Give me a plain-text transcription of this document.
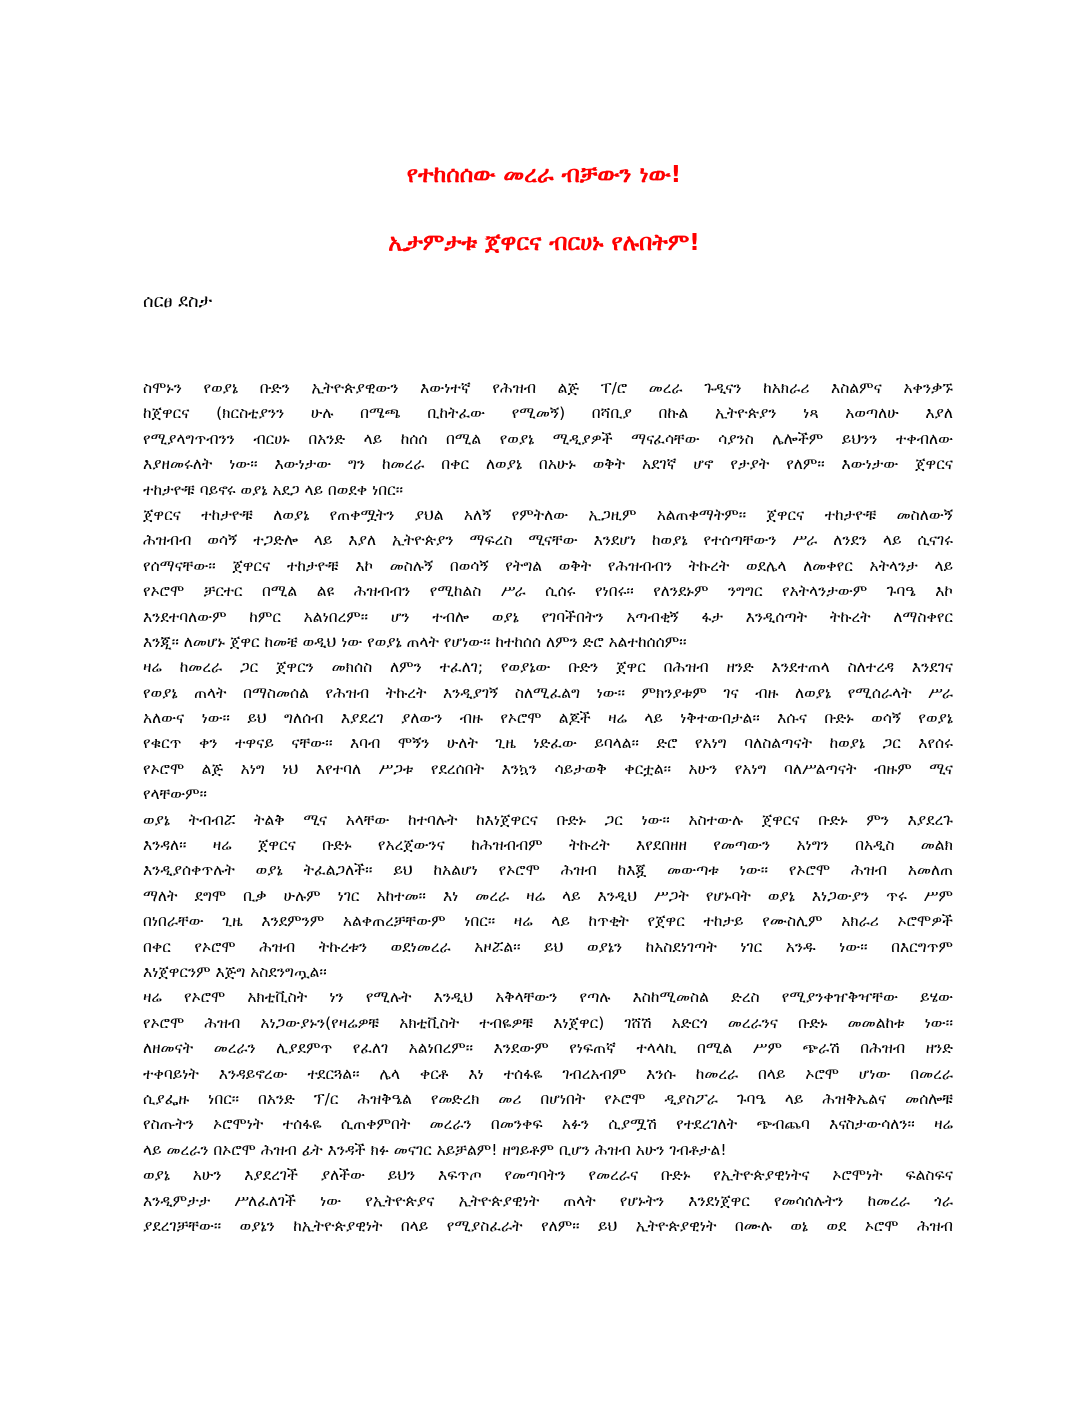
የተከሰሰው መረራ ብቻውን ነው!
ኢታምታቱ ጀዋርና ብርሀኑ የሉበትም!
ሰርፀ ደስታ
ስሞኑን የወያኔ ቡድን ኢትዮጵያዊውን እውነተኛ የሕዝብ ልጅ ፐ/ሮ መረራ ጉዲናን ከአክራሪ እስልምና አቀንቃኙ
ከጀዋርና (ክርስቲያንን ሁሉ በሜጫ ቢከትፈው የሚመኝ) በሻቢያ በኩል ኢትዮጵያን ነጻ አወጣለሁ እያለ
የሚያላግጥብንን ብርሀኑ በአንድ ላይ ከሰሰ በሚል የወያኔ ሚዲያዎች ማናፈሳቸው ሳያንስ ሌሎችም ይህንን ተቀብለው
እያዘመሩለት ነው፡፡ እውነታው ግን ከመረራ በቀር ለወያኔ በአሁኑ ወቅት አደገኛ ሆኖ የታያት የለም፡፡ እውነታው ጀዋርና
ተከታዮቹ ባይኖሩ ወያኔ አደጋ ላይ በወደቀ ነበር፡፡
ጀዋርና ተከታዮቹ ለወያኔ የጠቀሟትን ያህል አለኝ የምትለው ኢጋዚም አልጠቀማትም፡፡ ጀዋርና ተከታዮቹ መስለውኝ
ሕዝብብ ወሳኝ ተጋድሎ ላይ እያለ ኢትዮጵያን ማፍረስ ሚናቸው እንደሆነ ከወያኔ የተሰጣቸውን ሥራ ለንደን ላይ ሲናገሩ
የሰማናቸው፡፡ ጀዋርና ተከታዮቹ እኮ መስሉኝ በወሳኝ የትግል ወቅት የሕዝብብን ትኩረት ወደሌላ ለመቀየር አትላንታ ላይ
የኦሮሞ ቻርተር በሚል ልዩ ሕዝብብን የሚከልስ ሥራ ሲሰሩ የነበሩ፡፡ የለንደኑም ንግግር የአትላንታውም ጉባዔ እኮ
እንደተባለውም ከምር አልነበረም፡፡ ሆን ተብሎ ወያኔ የገባችበትን አጣብቂኝ ፋታ እንዲሰጣት ትኩረት ለማስቀየር
እንጂ፡፡ ለመሆኑ ጀዋር ከመቼ ወዲህ ነው የወያኔ ጠላት የሆነው፡፡ ከተከሰሰ ለምን ድሮ አልተከሰሰም፡፡
ዛሬ ከመረራ ጋር ጀዋርን መክሰስ ለምን ተፈለገ; የወያኔው ቡድን ጀዋር በሕዝብ ዘንድ እንደተጠላ ስለተረዳ እንደገና
የወያኔ ጠላት በማስመሰል የሕዝብ ትኩረት እንዲያገኝ ስለሚፈልግ ነው፡፡ ምክንያቱም ገና ብዙ ለወያኔ የሚሰራላት ሥራ
አለውና ነው፡፡ ይህ ግለሰብ እያደረገ ያለውን ብዙ የኦሮሞ ልጆች ዛሬ ላይ ነቅተውበታል፡፡ እሱና ቡድኑ ወሳኝ የወያኔ
የቁርጥ ቀን ተዋናይ ናቸው፡፡ እባብ ሞኝን ሁለት ጊዜ ነድፈው ይባላል፡፡ ድሮ የአነግ ባለስልጣናት ከወያኔ ጋር እየሰሩ
የኦሮሞ ልጅ አነግ ነህ እየተባለ ሥጋቱ የደረሰበት እንኳን ሳይታወቅ ቀርቷል፡፡ አሁን የአነግ ባለሥልጣናት ብዙም ሚና
የላቸውም፡፡
ወያኔ ትብብሯ ትልቅ ሚና አላቸው ከተባሉት ከእነጀዋርና ቡድኑ ጋር ነው፡፡ አስተውሉ ጀዋርና ቡድኑ ምን እያደረጉ
እንዳለ፡፡ ዛሬ ጀዋርና ቡድኑ የአረጀውንና ከሕዝብብም ትኩረት እየደበዘዘ የመጣውን አነግን በአዲስ መልክ
እንዲያሰቀጥሉት ወያኔ ትፈልጋለች፡፡ ይህ ከአልሆነ የኦሮሞ ሕዝብ ከእጇ መውጣቱ ነው፡፡ የኦሮሞ ሕዝብ አመለጠ
ማለት ደግሞ ቢቃ ሁሉም ነገር አከተመ፡፡ እነ መረራ ዛሬ ላይ እንዲህ ሥጋት የሆኑባት ወያኔ እነጋውያን ጥሩ ሥም
በነበራቸው ጊዜ እንደምንም አልቀጠረቻቸውም ነበር፡፡ ዛሬ ላይ ከጥቂት የጀዋር ተከታይ የሙስሊም አክራሪ ኦሮሞዎች
በቀር የኦሮሞ ሕዝብ ትኩረቱን ወደነመረራ አዞሯል፡፡ ይህ ወያኔን ከአስደነገጣት ነገር አንዱ ነው፡፡ በእርግጥም
እነጀዋርንም እጅግ አስደንግጧል፡፡
ዛሬ የኦሮሞ አክቲቪስት ነን የሚሉት እንዲህ አቅላቸውን የጣሉ እስከሚመስል ድረስ የሚያንቀዠቅዣቸው ይሄው
የኦሮሞ ሕዝብ አነጋውያኑን(የዛሬዎቹ አክቲቪስት ተብዬዎቹ እነጀዋር) ገሸሽ አድርጎ መረራንና ቡድኑ መመልከቱ ነው፡፡
ለዘመናት መረራን ሊያደምጥ የፈለገ አልነበረም፡፡ እንደውም የነፍጠኛ ተላላኪ በሚል ሥም ጭራሽ በሕዝብ ዘንድ
ተቀባይነት እንዳይኖረው ተደርጓል፡፡ ሌላ ቀርቶ እነ ተሰፋዬ ገብረአብም እንሱ ከመረራ በላይ ኦሮሞ ሆነው በመረራ
ሲያፌዙ ነበር፡፡ በአንድ ፕ/ር ሕዝቅዔል የመድረክ መሪ በሆነበት የኦሮሞ ዲያስፖራ ጉባዔ ላይ ሕዝቅኤልና መሰሎቹ
የስጡትን ኦሮሞነት ተሰፋዬ ሲጠቀምበት መረራን በመንቀፍ አፉን ሲያሟሽ የተደረገለት ጭብጨባ እናስታውሳለን፡፡ ዛሬ
ላይ መረራን በኦሮሞ ሕዝብ ፊት እንዳች ክፉ መናገር አይቻልም! ዘግይቶም ቢሆን ሕዝብ አሁን ገብቶታል!
ወያኔ አሁን እያደረገች ያለችው ይህን እፍጥጦ የመጣባትን የመረራና ቡድኑ የኢትዮጵያዊነትና ኦሮሞነት ፍልስፍና
እንዲምታታ ሥለፈለገች ነው የኢትዮጵያና ኢትዮጵያዊነት ጠላት የሆኑትን እንደነጀዋር የመሳሰሉትን ከመረራ ጎራ
ያደረገቻቸው፡፡ ወያኔን ከኢትዮጵያዊነት በላይ የሚያስፈራት የለም፡፡ ይህ ኢትዮጵያዊነት በሙሉ ወኔ ወደ ኦሮሞ ሕዝብ
